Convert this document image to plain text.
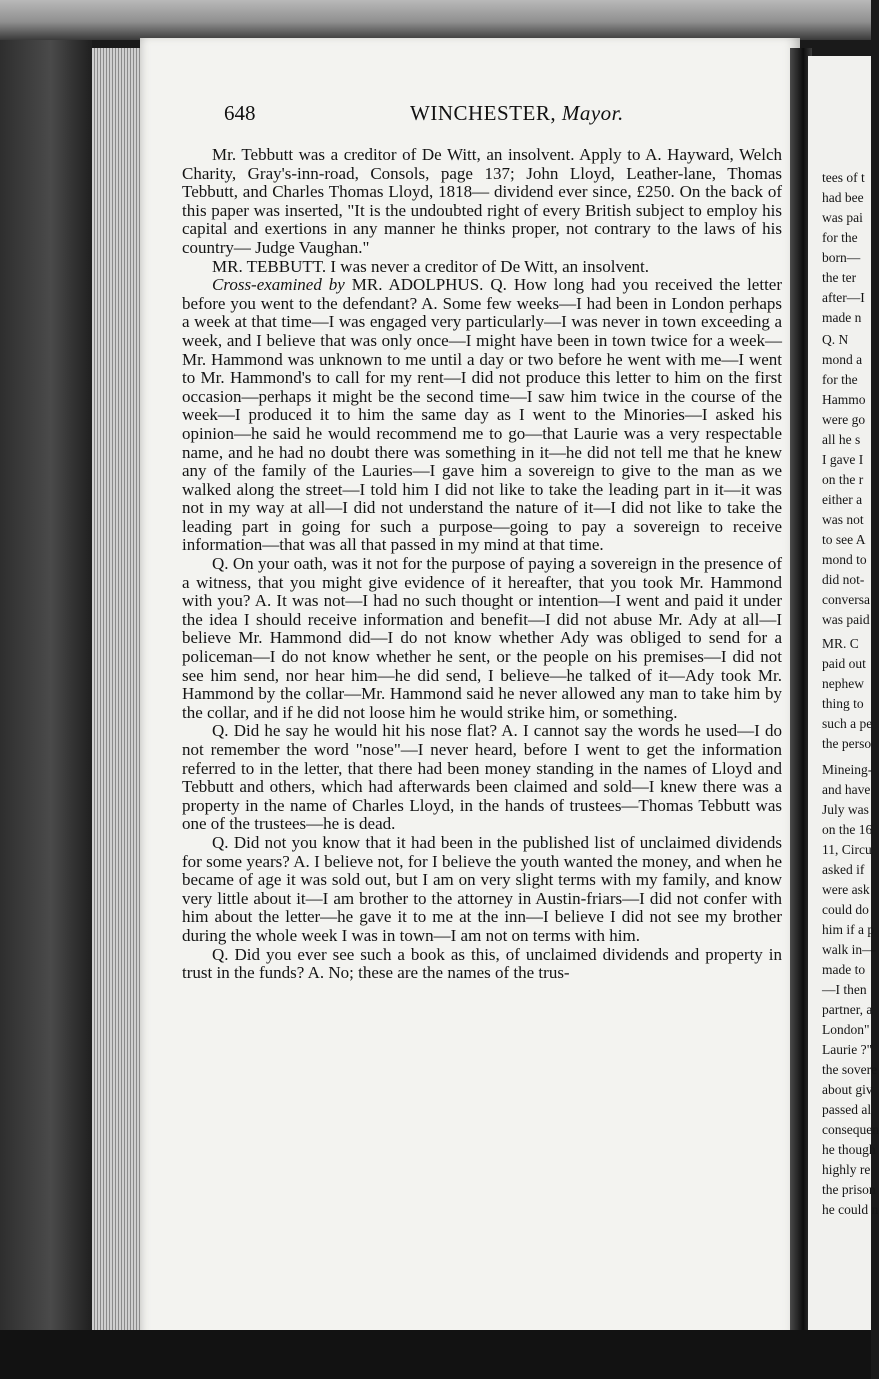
tees of t
had bee
was pai
for the
born—
the ter
after—I
made n
Q. N
mond a
for the
Hammo
were go
all he s
I gave I
on the r
either a
was not
to see A
mond to
did not-
conversa
was paid
MR. C
paid out
nephew
thing to
such a pe
the perso
Mineing-
and have
July was
on the 16
11, Circu
asked if
were ask
could do
him if a p
walk in—
made to
—I then
partner, a
London"
Laurie ?"
the sovere
about giv
passed al
consequen
he though
highly re
the prison
he could n
648	WINCHESTER, Mayor.

Mr. Tebbutt was a creditor of De Witt, an insolvent. Apply to A. Hayward, Welch Charity, Gray's-inn-road, Consols, page 137; John Lloyd, Leather-lane, Thomas Tebbutt, and Charles Thomas Lloyd, 1818— dividend ever since, £250. On the back of this paper was inserted, "It is the undoubted right of every British subject to employ his capital and exertions in any manner he thinks proper, not contrary to the laws of his country— Judge Vaughan."

MR. TEBBUTT. I was never a creditor of De Witt, an insolvent.

Cross-examined by MR. ADOLPHUS. Q. How long had you received the letter before you went to the defendant? A. Some few weeks—I had been in London perhaps a week at that time—I was engaged very particularly—I was never in town exceeding a week, and I believe that was only once—I might have been in town twice for a week—Mr. Hammond was unknown to me until a day or two before he went with me—I went to Mr. Hammond's to call for my rent—I did not produce this letter to him on the first occasion—perhaps it might be the second time—I saw him twice in the course of the week—I produced it to him the same day as I went to the Minories—I asked his opinion—he said he would recommend me to go—that Laurie was a very respectable name, and he had no doubt there was something in it—he did not tell me that he knew any of the family of the Lauries—I gave him a sovereign to give to the man as we walked along the street—I told him I did not like to take the leading part in it—it was not in my way at all—I did not understand the nature of it—I did not like to take the leading part in going for such a purpose—going to pay a sovereign to receive information—that was all that passed in my mind at that time.

Q. On your oath, was it not for the purpose of paying a sovereign in the presence of a witness, that you might give evidence of it hereafter, that you took Mr. Hammond with you? A. It was not—I had no such thought or intention—I went and paid it under the idea I should receive information and benefit—I did not abuse Mr. Ady at all—I believe Mr. Hammond did—I do not know whether Ady was obliged to send for a policeman—I do not know whether he sent, or the people on his premises—I did not see him send, nor hear him—he did send, I believe—he talked of it—Ady took Mr. Hammond by the collar—Mr. Hammond said he never allowed any man to take him by the collar, and if he did not loose him he would strike him, or something.

Q. Did he say he would hit his nose flat? A. I cannot say the words he used—I do not remember the word "nose"—I never heard, before I went to get the information referred to in the letter, that there had been money standing in the names of Lloyd and Tebbutt and others, which had afterwards been claimed and sold—I knew there was a property in the name of Charles Lloyd, in the hands of trustees—Thomas Tebbutt was one of the trustees—he is dead.

Q. Did not you know that it had been in the published list of unclaimed dividends for some years? A. I believe not, for I believe the youth wanted the money, and when he became of age it was sold out, but I am on very slight terms with my family, and know very little about it—I am brother to the attorney in Austin-friars—I did not confer with him about the letter—he gave it to me at the inn—I believe I did not see my brother during the whole week I was in town—I am not on terms with him.

Q. Did you ever see such a book as this, of unclaimed dividends and property in trust in the funds? A. No; these are the names of the trus-
